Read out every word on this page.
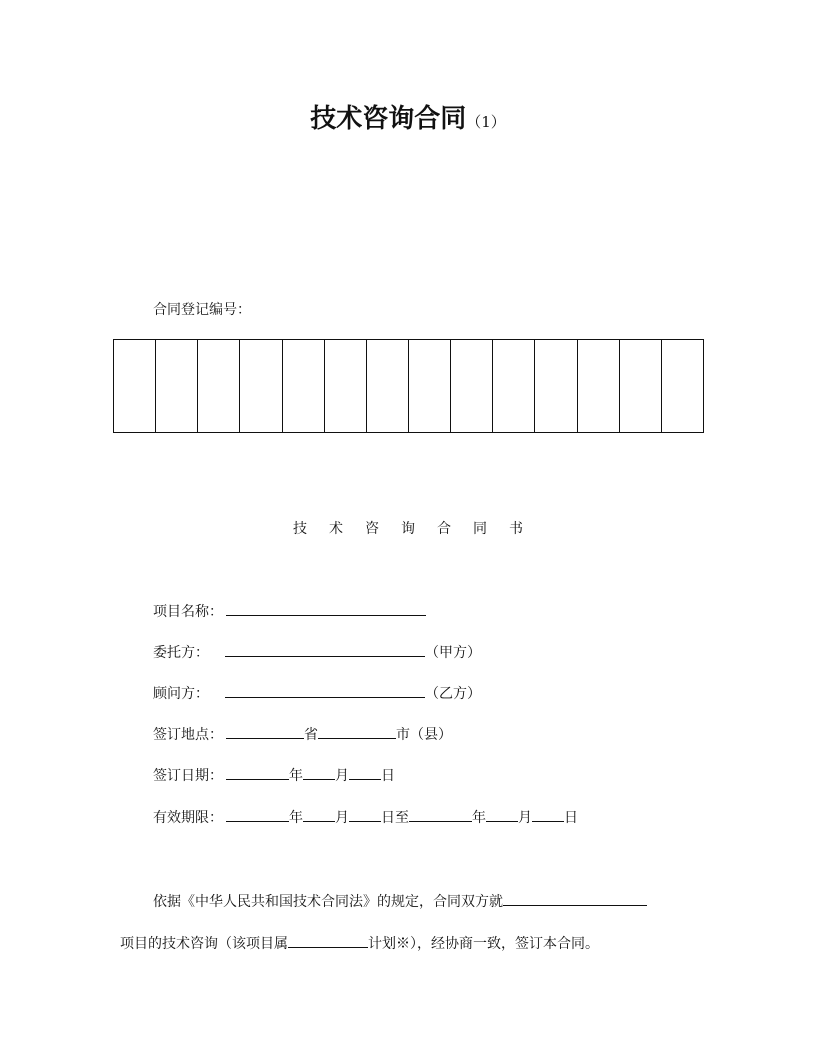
技术咨询合同（1）
合同登记编号：
技术咨询合同书
项目名称：
委托方：	（甲方）
顾问方：	（乙方）
签订地点：	省	市（县）
签订日期：	年 月 日
有效期限：	年 月 日至	年 月 日
依据《中华人民共和国技术合同法》的规定，合同双方就
项目的技术咨询（该项目属	计划※），经协商一致，签订本合同。
